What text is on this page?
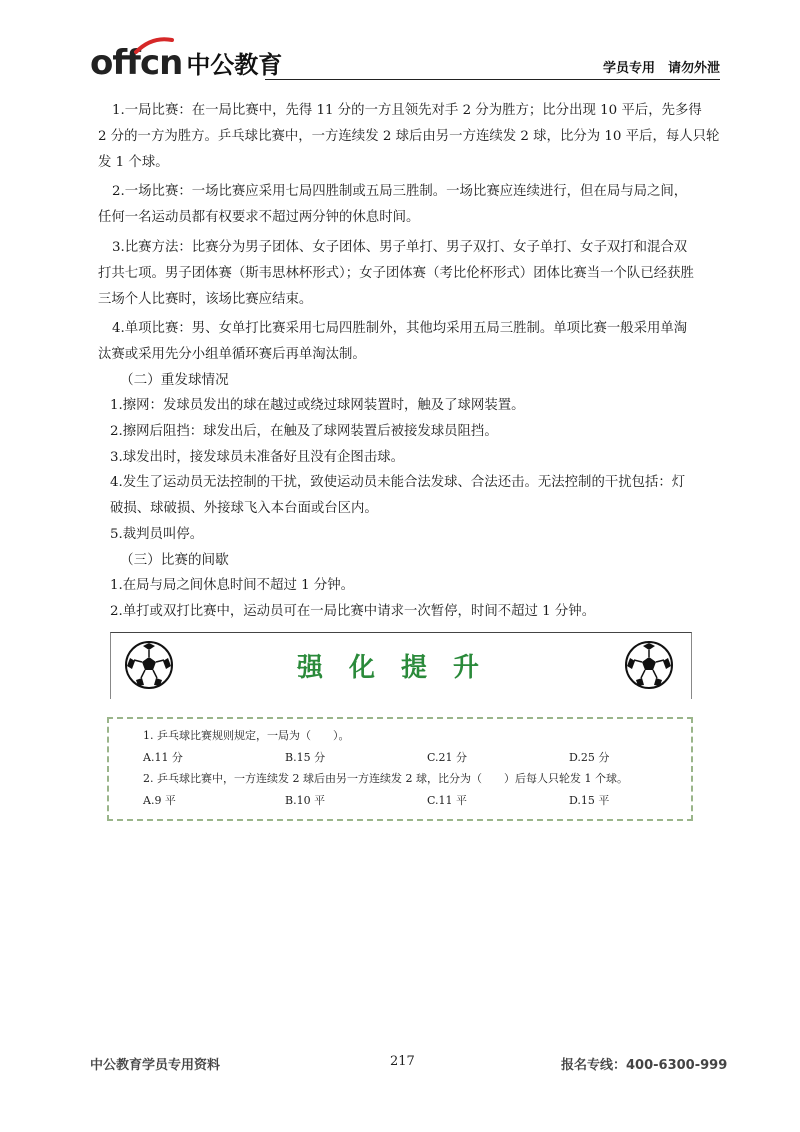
offcn 中公教育	学员专用　请勿外泄
1.一局比赛：在一局比赛中，先得 11 分的一方且领先对手 2 分为胜方；比分出现 10 平后，先多得
2 分的一方为胜方。乒乓球比赛中，一方连续发 2 球后由另一方连续发 2 球，比分为 10 平后，每人只轮
发 1 个球。
2.一场比赛：一场比赛应采用七局四胜制或五局三胜制。一场比赛应连续进行，但在局与局之间，
任何一名运动员都有权要求不超过两分钟的休息时间。
3.比赛方法：比赛分为男子团体、女子团体、男子单打、男子双打、女子单打、女子双打和混合双
打共七项。男子团体赛（斯韦思林杯形式）；女子团体赛（考比伦杯形式）团体比赛当一个队已经获胜
三场个人比赛时，该场比赛应结束。
4.单项比赛：男、女单打比赛采用七局四胜制外，其他均采用五局三胜制。单项比赛一般采用单淘
汰赛或采用先分小组单循环赛后再单淘汰制。
（二）重发球情况
1.擦网：发球员发出的球在越过或绕过球网装置时，触及了球网装置。
2.擦网后阻挡：球发出后，在触及了球网装置后被接发球员阻挡。
3.球发出时，接发球员未准备好且没有企图击球。
4.发生了运动员无法控制的干扰，致使运动员未能合法发球、合法还击。无法控制的干扰包括：灯
破损、球破损、外接球飞入本台面或台区内。
5.裁判员叫停。
（三）比赛的间歇
1.在局与局之间休息时间不超过 1 分钟。
2.单打或双打比赛中，运动员可在一局比赛中请求一次暂停，时间不超过 1 分钟。
强化提升
1. 乒乓球比赛规则规定，一局为（　　）。
A.11 分	B.15 分	C.21 分	D.25 分
2. 乒乓球比赛中，一方连续发 2 球后由另一方连续发 2 球，比分为（　　）后每人只轮发 1 个球。
A.9 平	B.10 平	C.11 平	D.15 平
中公教育学员专用资料	217	报名专线：400-6300-999
